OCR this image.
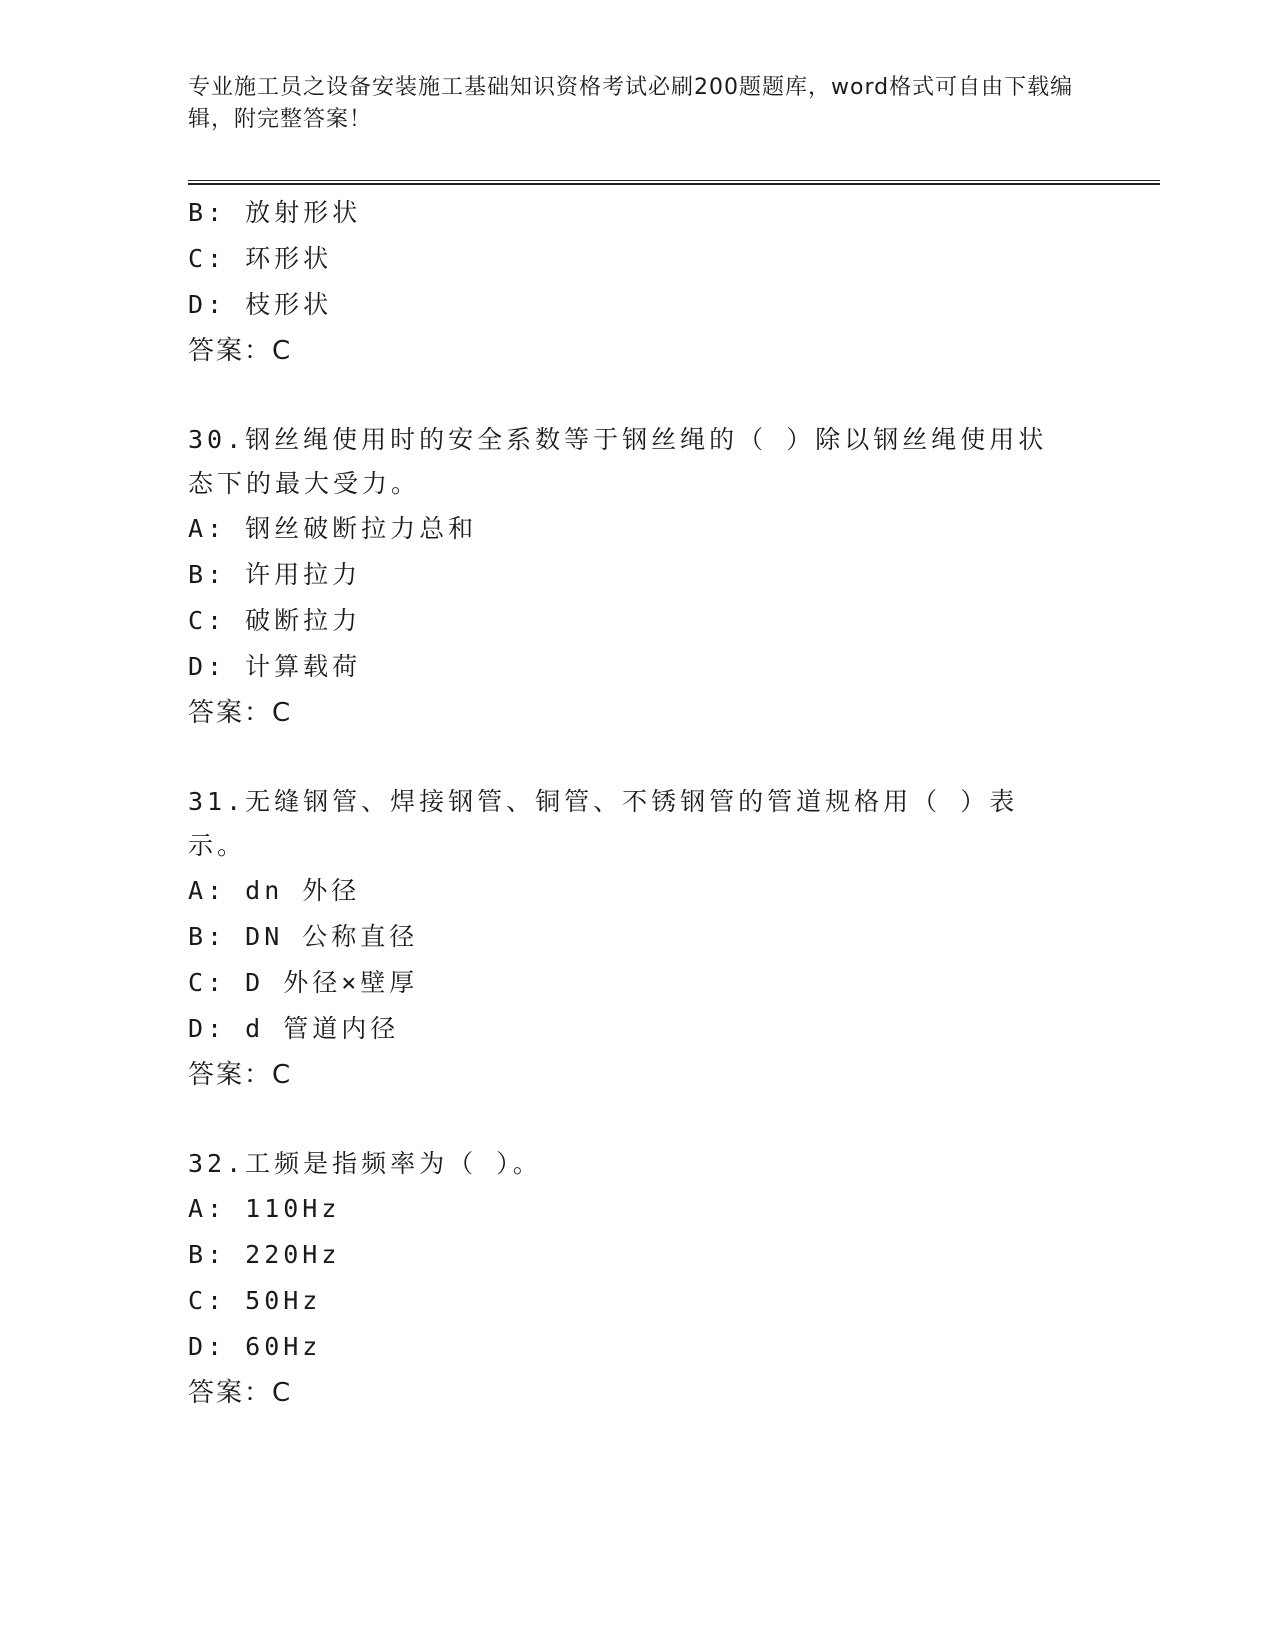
专业施工员之设备安装施工基础知识资格考试必刷200题题库，word格式可自由下载编辑，附完整答案！
B: 放射形状
C: 环形状
D: 枝形状
答案：C
30.钢丝绳使用时的安全系数等于钢丝绳的（ ）除以钢丝绳使用状态下的最大受力。
A: 钢丝破断拉力总和
B: 许用拉力
C: 破断拉力
D: 计算载荷
答案：C
31.无缝钢管、焊接钢管、铜管、不锈钢管的管道规格用（ ）表示。
A: dn 外径
B: DN 公称直径
C: D 外径×壁厚
D: d 管道内径
答案：C
32.工频是指频率为（ ）。
A: 110Hz
B: 220Hz
C: 50Hz
D: 60Hz
答案：C
